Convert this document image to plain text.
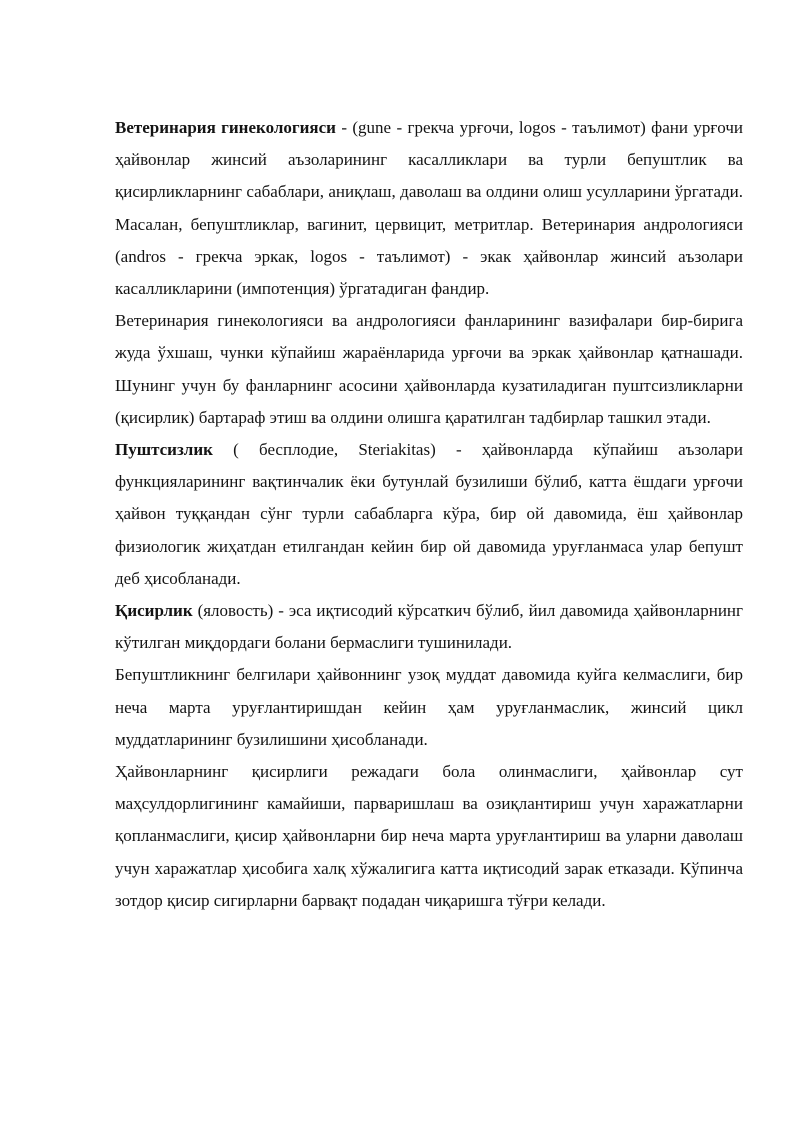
Ветеринария гинекологияси - (gune - грекча урғочи, logos - таълимот) фани урғочи ҳайвонлар жинсий аъзоларининг касалликлари ва турли бепуштлик ва қисирликларнинг сабаблари, аниқлаш, даволаш ва олдини олиш усулларини ўргатади. Масалан, бепуштликлар, вагинит, цервицит, метритлар. Ветеринария андрологияси (andros - грекча эркак, logos - таълимот) - экак ҳайвонлар жинсий аъзолари касалликларини (импотенция) ўргатадиган фандир.

Ветеринария гинекологияси ва андрологияси фанларининг вазифалари бир-бирига жуда ўхшаш, чунки кўпайиш жараёнларида урғочи ва эркак ҳайвонлар қатнашади. Шунинг учун бу фанларнинг асосини ҳайвонларда кузатиладиган пуштсизликларни (қисирлик) бартараф этиш ва олдини олишга қаратилган тадбирлар ташкил этади.

Пуштсизлик ( бесплодие, Steriakitas) - ҳайвонларда кўпайиш аъзолари функцияларининг вақтинчалик ёки бутунлай бузилиши бўлиб, катта ёшдаги урғочи ҳайвон туққандан сўнг турли сабабларга кўра, бир ой давомида, ёш ҳайвонлар физиологик жиҳатдан етилгандан кейин бир ой давомида уруғланмаса улар бепушт деб ҳисобланади.

Қисирлик (яловость) - эса иқтисодий кўрсаткич бўлиб, йил давомида ҳайвонларнинг кўтилган миқдордаги болани бермаслиги тушинилади.

Бепуштликнинг белгилари ҳайвоннинг узоқ муддат давомида куйга келмаслиги, бир неча марта уруғлантиришдан кейин ҳам уруғланмаслик, жинсий цикл муддатларининг бузилишини ҳисобланади.

Ҳайвонларнинг қисирлиги режадаги бола олинмаслиги, ҳайвонлар сут маҳсулдорлигининг камайиши, парваришлаш ва озиқлантириш учун харажатларни қопланмаслиги, қисир ҳайвонларни бир неча марта уруғлантириш ва уларни даволаш учун харажатлар ҳисобига халқ хўжалигига катта иқтисодий зарак етказади. Кўпинча зотдор қисир сигирларни барвақт подадан чиқаришга тўғри келади.
